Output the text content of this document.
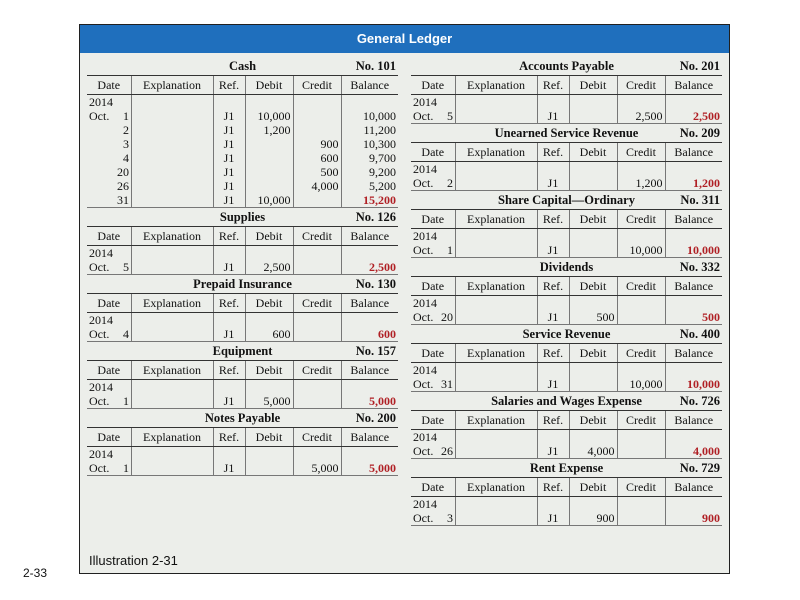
2-33
General Ledger
Cash	No. 101
Date	Explanation	Ref.	Debit	Credit	Balance
2014					
Oct. 1		J1	10,000		10,000
2		J1	1,200		11,200
3		J1		900	10,300
4		J1		600	9,700
20		J1		500	9,200
26		J1		4,000	5,200
31		J1	10,000		15,200
Supplies	No. 126
Date	Explanation	Ref.	Debit	Credit	Balance
2014					
Oct. 5		J1	2,500		2,500
Prepaid Insurance	No. 130
Date	Explanation	Ref.	Debit	Credit	Balance
2014					
Oct. 4		J1	600		600
Equipment	No. 157
Date	Explanation	Ref.	Debit	Credit	Balance
2014					
Oct. 1		J1	5,000		5,000
Notes Payable	No. 200
Date	Explanation	Ref.	Debit	Credit	Balance
2014					
Oct. 1		J1		5,000	5,000
Accounts Payable	No. 201
Date	Explanation	Ref.	Debit	Credit	Balance
2014					
Oct. 5		J1		2,500	2,500
Unearned Service Revenue	No. 209
Date	Explanation	Ref.	Debit	Credit	Balance
2014					
Oct. 2		J1		1,200	1,200
Share Capital—Ordinary	No. 311
Date	Explanation	Ref.	Debit	Credit	Balance
2014					
Oct. 1		J1		10,000	10,000
Dividends	No. 332
Date	Explanation	Ref.	Debit	Credit	Balance
2014					
Oct. 20		J1	500		500
Service Revenue	No. 400
Date	Explanation	Ref.	Debit	Credit	Balance
2014					
Oct. 31		J1		10,000	10,000
Salaries and Wages Expense	No. 726
Date	Explanation	Ref.	Debit	Credit	Balance
2014					
Oct. 26		J1	4,000		4,000
Rent Expense	No. 729
Date	Explanation	Ref.	Debit	Credit	Balance
2014					
Oct. 3		J1	900		900
Illustration 2-31
